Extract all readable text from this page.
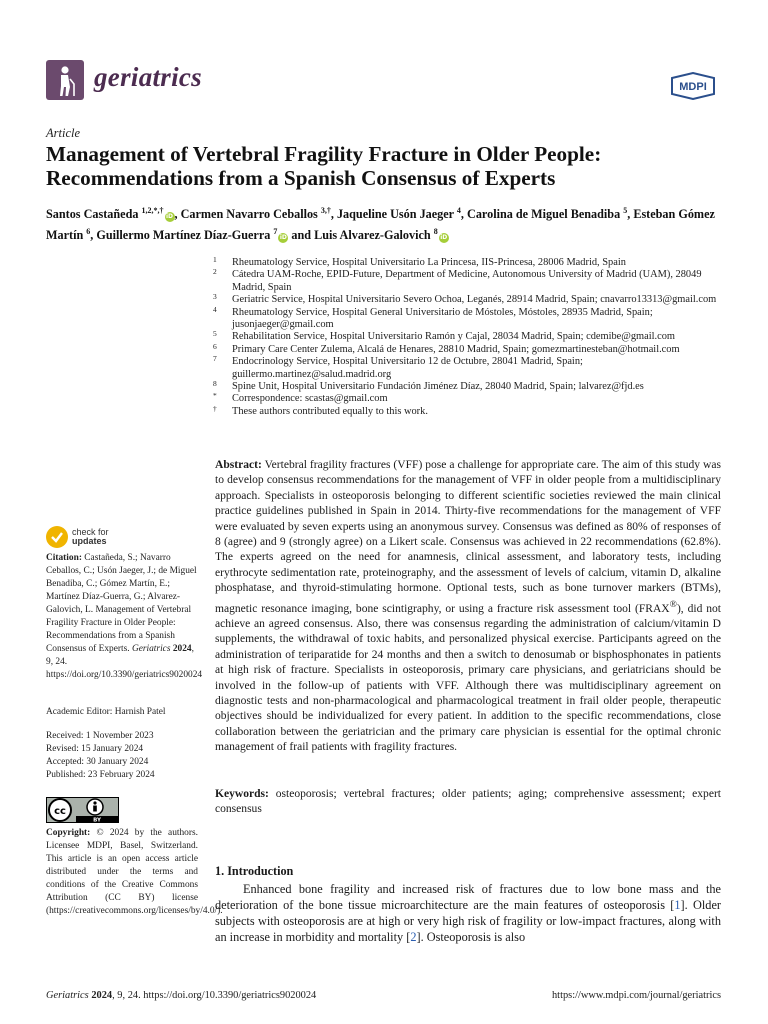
geriatrics	MDPI
Article
Management of Vertebral Fragility Fracture in Older People: Recommendations from a Spanish Consensus of Experts
Santos Castañeda $^{1,2,*,\dagger}$iD, Carmen Navarro Ceballos $^{3,\dagger}$, Jaqueline Usón Jaeger $^4$, Carolina de Miguel Benadiba $^5$, Esteban Gómez Martín $^6$, Guillermo Martínez Díaz-Guerra $^7$iD and Luis Alvarez-Galovich $^8$iD
1 Rheumatology Service, Hospital Universitario La Princesa, IIS-Princesa, 28006 Madrid, Spain
2 Cátedra UAM-Roche, EPID-Future, Department of Medicine, Autonomous University of Madrid (UAM), 28049 Madrid, Spain
3 Geriatric Service, Hospital Universitario Severo Ochoa, Leganés, 28914 Madrid, Spain; cnavarro13313@gmail.com
4 Rheumatology Service, Hospital General Universitario de Móstoles, Móstoles, 28935 Madrid, Spain; jusonjaeger@gmail.com
5 Rehabilitation Service, Hospital Universitario Ramón y Cajal, 28034 Madrid, Spain; cdemibe@gmail.com
6 Primary Care Center Zulema, Alcalá de Henares, 28810 Madrid, Spain; gomezmartinesteban@hotmail.com
7 Endocrinology Service, Hospital Universitario 12 de Octubre, 28041 Madrid, Spain; guillermo.martinez@salud.madrid.org
8 Spine Unit, Hospital Universitario Fundación Jiménez Díaz, 28040 Madrid, Spain; lalvarez@fjd.es
* Correspondence: scastas@gmail.com
† These authors contributed equally to this work.
check for
updates
Citation: Castañeda, S.; Navarro Ceballos, C.; Usón Jaeger, J.; de Miguel Benadiba, C.; Gómez Martín, E.; Martínez Díaz-Guerra, G.; Alvarez-Galovich, L. Management of Vertebral Fragility Fracture in Older People: Recommendations from a Spanish Consensus of Experts. Geriatrics 2024, 9, 24. https://doi.org/10.3390/geriatrics9020024
Academic Editor: Harnish Patel
Received: 1 November 2023
Revised: 15 January 2024
Accepted: 30 January 2024
Published: 23 February 2024
cc
BY
Copyright: © 2024 by the authors. Licensee MDPI, Basel, Switzerland. This article is an open access article distributed under the terms and conditions of the Creative Commons Attribution (CC BY) license (https://creativecommons.org/licenses/by/4.0/).
Abstract: Vertebral fragility fractures (VFF) pose a challenge for appropriate care. The aim of this study was to develop consensus recommendations for the management of VFF in older people from a multidisciplinary approach. Specialists in osteoporosis belonging to different scientific societies reviewed the main clinical practice guidelines published in Spain in 2014. Thirty-five recommendations for the management of VFF were evaluated by seven experts using an anonymous survey. Consensus was defined as 80% of responses of 8 (agree) and 9 (strongly agree) on a Likert scale. Consensus was achieved in 22 recommendations (62.8%). The experts agreed on the need for anamnesis, clinical assessment, and laboratory tests, including erythrocyte sedimentation rate, proteinography, and the assessment of levels of calcium, vitamin D, alkaline phosphatase, and thyroid-stimulating hormone. Optional tests, such as bone turnover markers (BTMs), magnetic resonance imaging, bone scintigraphy, or using a fracture risk assessment tool (FRAX®), did not achieve an agreed consensus. Also, there was consensus regarding the administration of calcium/vitamin D supplements, the withdrawal of toxic habits, and personalized physical exercise. Participants agreed on the administration of teriparatide for 24 months and then a switch to denosumab or bisphosphonates in patients at high risk of fracture. Specialists in osteoporosis, primary care physicians, and geriatricians should be involved in the follow-up of patients with VFF. Although there was multidisciplinary agreement on diagnostic tests and non-pharmacological and pharmacological treatment in frail older people, therapeutic objectives should be individualized for every patient. In addition to the specific recommendations, close collaboration between the geriatrician and the primary care physician is essential for the optimal chronic management of frail patients with fragility fractures.
Keywords: osteoporosis; vertebral fractures; older patients; aging; comprehensive assessment; expert consensus
1. Introduction
Enhanced bone fragility and increased risk of fractures due to low bone mass and the deterioration of the bone tissue microarchitecture are the main features of osteoporosis [1]. Older subjects with osteoporosis are at high or very high risk of fragility or low-impact fractures, along with an increase in morbidity and mortality [2]. Osteoporosis is also
Geriatrics 2024, 9, 24. https://doi.org/10.3390/geriatrics9020024	https://www.mdpi.com/journal/geriatrics
